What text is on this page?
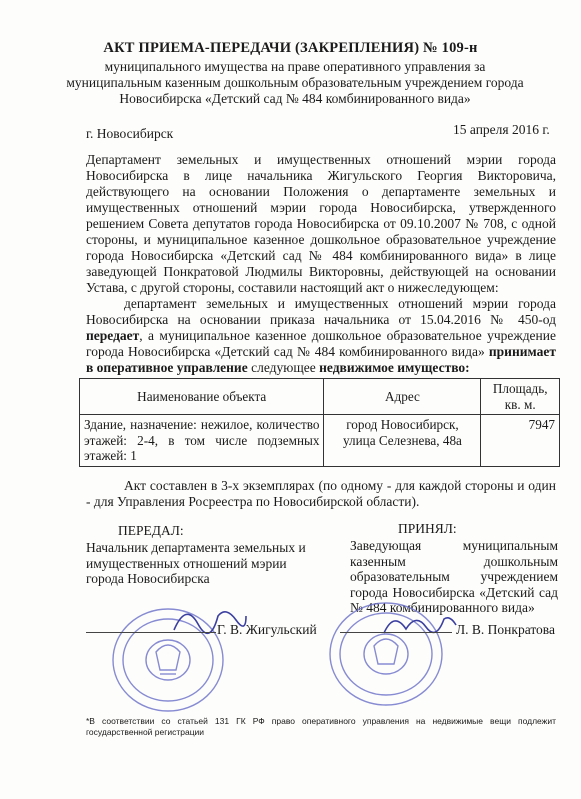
АКТ ПРИЕМА-ПЕРЕДАЧИ (ЗАКРЕПЛЕНИЯ) № 109-н
муниципального имущества на праве оперативного управления за муниципальным казенным дошкольным образовательным учреждением города Новосибирска «Детский сад № 484 комбинированного вида»
г. Новосибирск	15 апреля 2016 г.
Департамент земельных и имущественных отношений мэрии города Новосибирска в лице начальника Жигульского Георгия Викторовича, действующего на основании Положения о департаменте земельных и имущественных отношений мэрии города Новосибирска, утвержденного решением Совета депутатов города Новосибирска от 09.10.2007 № 708, с одной стороны, и муниципальное казенное дошкольное образовательное учреждение города Новосибирска «Детский сад № 484 комбинированного вида» в лице заведующей Понкратовой Людмилы Викторовны, действующей на основании Устава, с другой стороны, составили настоящий акт о нижеследующем:
департамент земельных и имущественных отношений мэрии города Новосибирска на основании приказа начальника от 15.04.2016 № 450-од передает, а муниципальное казенное дошкольное образовательное учреждение города Новосибирска «Детский сад № 484 комбинированного вида» принимает в оперативное управление следующее недвижимое имущество:
Наименование объекта	Адрес	Площадь, кв. м.
Здание, назначение: нежилое, количество этажей: 2-4, в том числе подземных этажей: 1	город Новосибирск, улица Селезнева, 48а	7947
Акт составлен в 3-х экземплярах (по одному - для каждой стороны и один - для Управления Росреестра по Новосибирской области).
ПЕРЕДАЛ:	ПРИНЯЛ:
Начальник департамента земельных и имущественных отношений мэрии города Новосибирска
Заведующая муниципальным казенным дошкольным образовательным учреждением города Новосибирска «Детский сад № 484 комбинированного вида»
Г. В. Жигульский	Л. В. Понкратова
*В соответствии со статьей 131 ГК РФ право оперативного управления на недвижимые вещи подлежит государственной регистрации
